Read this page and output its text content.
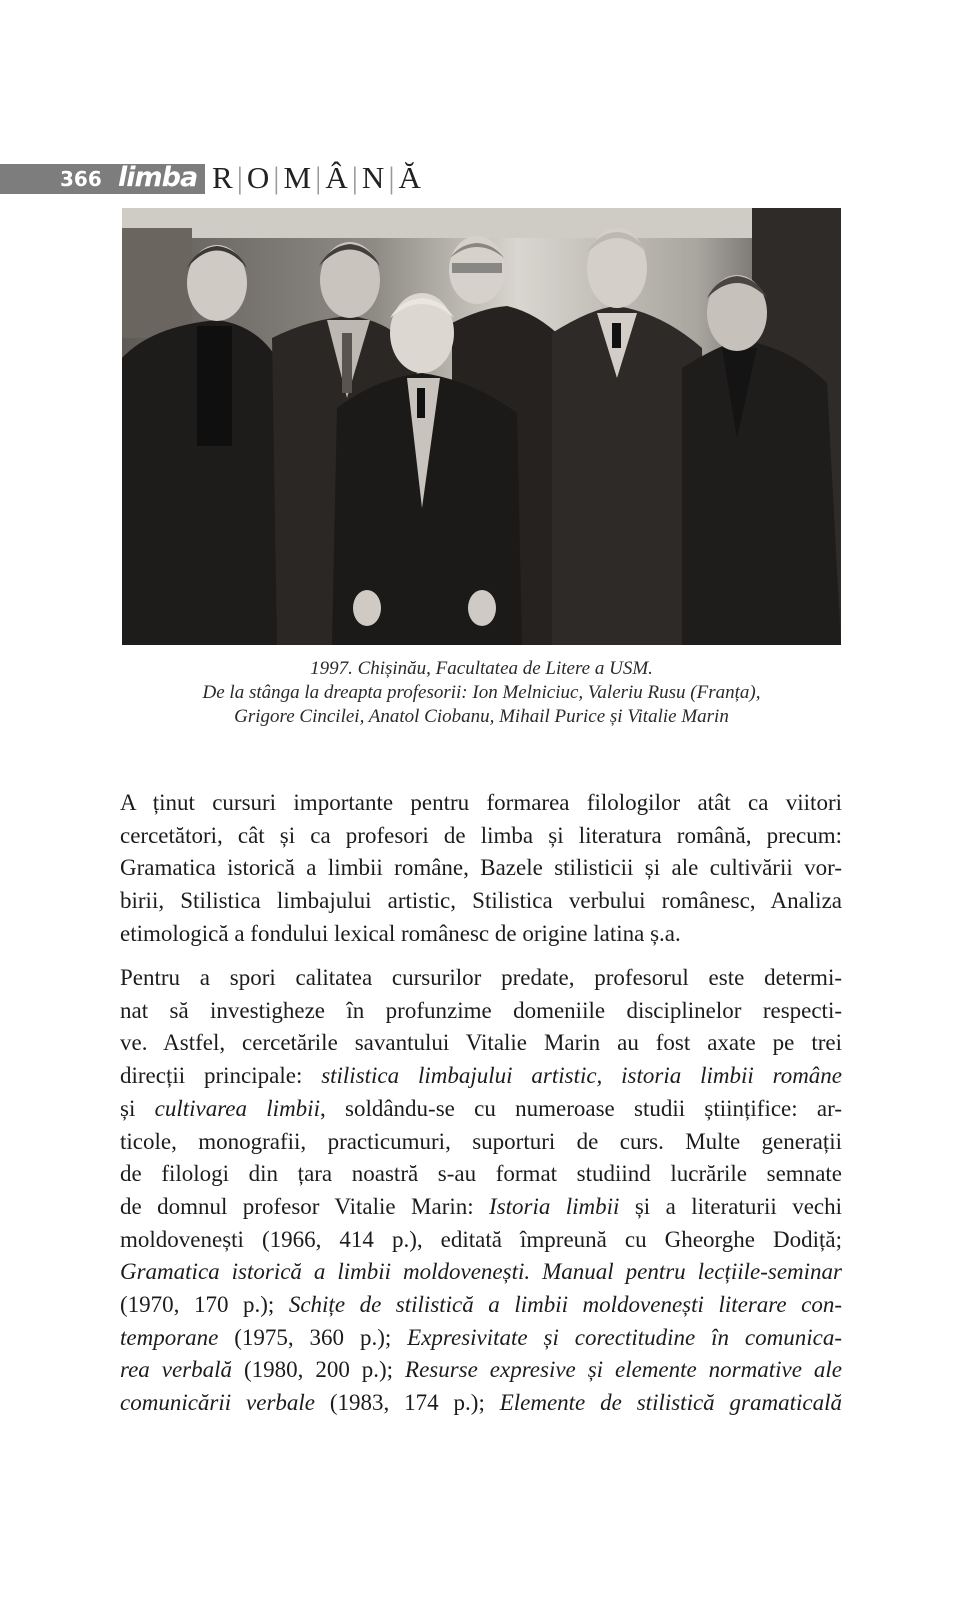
366 limba R|O|M|Â|N|Ă
1997. Chișinău, Facultatea de Litere a USM.
De la stânga la dreapta profesorii: Ion Melniciuc, Valeriu Rusu (Franța),
Grigore Cincilei, Anatol Ciobanu, Mihail Purice și Vitalie Marin
A ținut cursuri importante pentru formarea filologilor atât ca viitori
cercetători, cât și ca profesori de limba și literatura română, precum:
Gramatica istorică a limbii române, Bazele stilisticii și ale cultivării vor-
birii, Stilistica limbajului artistic, Stilistica verbului românesc, Analiza
etimologică a fondului lexical românesc de origine latina ș.a.
Pentru a spori calitatea cursurilor predate, profesorul este determi-
nat să investigheze în profunzime domeniile disciplinelor respecti-
ve. Astfel, cercetările savantului Vitalie Marin au fost axate pe trei
direcții principale: stilistica limbajului artistic, istoria limbii române
și cultivarea limbii, soldându-se cu numeroase studii științifice: ar-
ticole, monografii, practicumuri, suporturi de curs. Multe generații
de filologi din țara noastră s-au format studiind lucrările semnate
de domnul profesor Vitalie Marin: Istoria limbii și a literaturii vechi
moldovenești (1966, 414 p.), editată împreună cu Gheorghe Dodiță;
Gramatica istorică a limbii moldovenești. Manual pentru lecțiile-seminar
(1970, 170 p.); Schițe de stilistică a limbii moldovenești literare con-
temporane (1975, 360 p.); Expresivitate și corectitudine în comunica-
rea verbală (1980, 200 p.); Resurse expresive și elemente normative ale
comunicării verbale (1983, 174 p.); Elemente de stilistică gramaticală
